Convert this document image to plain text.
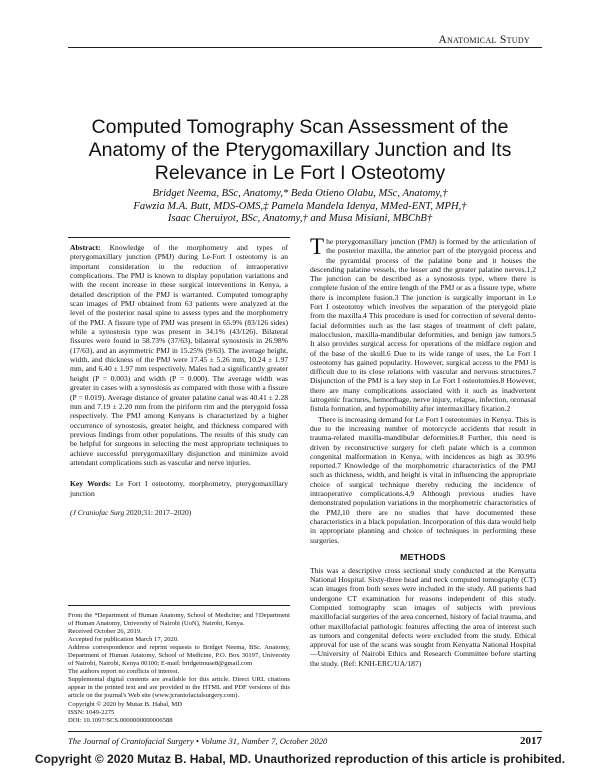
Anatomical Study
Computed Tomography Scan Assessment of the Anatomy of the Pterygomaxillary Junction and Its Relevance in Le Fort I Osteotomy
Bridget Neema, BSc, Anatomy,* Beda Otieno Olabu, MSc, Anatomy,†
Fawzia M.A. Butt, MDS-OMS,‡ Pamela Mandela Idenya, MMed-ENT, MPH,†
Isaac Cheruiyot, BSc, Anatomy,† and Musa Misiani, MBChB†

Abstract: Knowledge of the morphometry and types of pterygomaxillary junction (PMJ) during Le-Fort I osteotomy is an important consideration in the reduction of intraoperative complications. The PMJ is known to display population variations and with the recent increase in these surgical interventions in Kenya, a detailed description of the PMJ is warranted. Computed tomography scan images of PMJ obtained from 63 patients were analyzed at the level of the posterior nasal spine to assess types and the morphometry of the PMJ. A fissure type of PMJ was present in 65.9% (83/126 sides) while a synostosis type was present in 34.1% (43/126). Bilateral fissures were found in 58.73% (37/63), bilateral synostosis in 26.98% (17/63), and an asymmetric PMJ in 15.25% (9/63). The average height, width, and thickness of the PMJ were 17.45 ± 5.26 mm, 10.24 ± 1.97 mm, and 6.40 ± 1.97 mm respectively. Males had a significantly greater height (P = 0.003) and width (P = 0.000). The average width was greater in cases with a synostosis as compared with those with a fissure (P = 0.019). Average distance of greater palatine canal was 40.41 ± 2.28 mm and 7.19 ± 2.20 mm from the piriform rim and the pterygoid fossa respectively. The PMJ among Kenyans is characterized by a higher occurrence of synostosis, greater height, and thickness compared with previous findings from other populations. The results of this study can be helpful for surgeons in selecting the most appropriate techniques to achieve successful pterygomaxillary disjunction and minimize avoid attendant complications such as vascular and nerve injuries.

Key Words: Le Fort I osteotomy, morphometry, pterygomaxillary junction

(J Craniofac Surg 2020;31: 2017–2020)

From the *Department of Human Anatomy, School of Medicine; and †Department of Human Anatomy, University of Nairobi (UoN), Nairobi, Kenya.

Received October 26, 2019.

Accepted for publication March 17, 2020.

Address correspondence and reprint requests to Bridget Neema, BSc. Anatomy, Department of Human Anatomy, School of Medicine, P.O. Box 30197, University of Nairobi, Nairobi, Kenya 00100; E-mail: bridgetmuse8@gmail.com

The authors report no conflicts of interest.

Supplemental digital contents are available for this article. Direct URL citations appear in the printed text and are provided in the HTML and PDF versions of this article on the journal's Web site (www.jcraniofacialsurgery.com).

Copyright © 2020 by Mutaz B. Habal, MD

ISSN: 1049-2275

DOI: 10.1097/SCS.0000000000006588

The pterygomaxillary junction (PMJ) is formed by the articulation of the posterior maxilla, the anterior part of the pterygoid process and the pyramidal process of the palatine bone and it houses the descending palatine vessels, the lesser and the greater palatine nerves.1,2 The junction can be described as a synostosis type, where there is complete fusion of the entire length of the PMJ or as a fissure type, where there is incomplete fusion.3 The junction is surgically important in Le Fort I osteotomy which involves the separation of the pterygoid plate from the maxilla.4 This procedure is used for correction of several dento-facial deformities such as the last stages of treatment of cleft palate, malocclusion, maxilla-mandibular deformities, and benign jaw tumors.5 It also provides surgical access for operations of the midface region and of the base of the skull.6 Due to its wide range of uses, the Le Fort I osteotomy has gained popularity. However, surgical access to the PMJ is difficult due to its close relations with vascular and nervous structures.7 Disjunction of the PMJ is a key step in Le Fort I osteotomies.8 However, there are many complications associated with it such as inadvertent iatrogenic fractures, hemorrhage, nerve injury, relapse, infection, oronasal fistula formation, and hypomobility after intermaxillary fixation.2

There is increasing demand for Le Fort I osteotomies in Kenya. This is due to the increasing number of motorcycle accidents that result in trauma-related maxilla-mandibular deformities.8 Further, this need is driven by reconstructive surgery for cleft palate which is a common congenital malformation in Kenya, with incidences as high as 30.9% reported.7 Knowledge of the morphometric characteristics of the PMJ such as thickness, width, and height is vital in influencing the appropriate choice of surgical technique thereby reducing the incidence of intraoperative complications.4,9 Although previous studies have demonstrated population variations in the morphometric characteristics of the PMJ,10 there are no studies that have documented these characteristics in a black population. Incorporation of this data would help in appropriate planning and choice of techniques in performing these surgeries.

METHODS

This was a descriptive cross sectional study conducted at the Kenyatta National Hospital. Sixty-three head and neck computed tomography (CT) scan images from both sexes were included in the study. All patients had undergone CT examination for reasons independent of this study. Computed tomography scan images of subjects with previous maxillofacial surgeries of the area concerned, history of facial trauma, and other maxillofacial pathologic features affecting the area of interest such as tumors and congenital defects were excluded from the study. Ethical approval for use of the scans was sought from Kenyatta National Hospital—University of Nairobi Ethics and Research Committee before starting the study. (Ref: KNH-ERC/UA/187)

The Journal of Craniofacial Surgery • Volume 31, Number 7, October 2020	2017
Copyright © 2020 Mutaz B. Habal, MD. Unauthorized reproduction of this article is prohibited.
